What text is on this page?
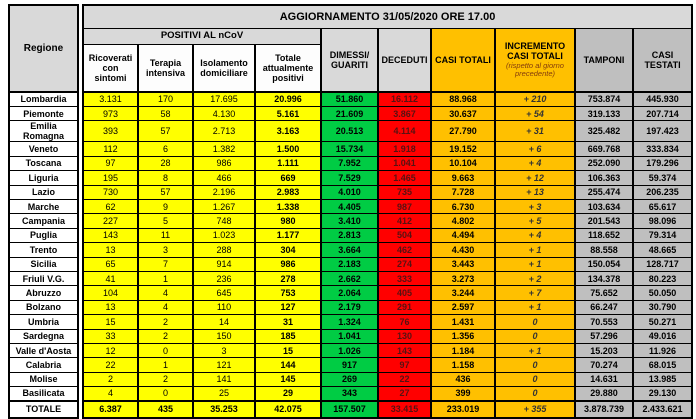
Regione		AGGIORNAMENTO 31/05/2020 ORE 17.00									
		POSITIVI AL nCoV				DIMESSI/ GUARITI	DECEDUTI	CASI TOTALI	INCREMENTO CASI TOTALI
(rispetto al giorno precedente)	TAMPONI	CASI TESTATI
		Ricoverati con sintomi	Terapia intensiva	Isolamento domiciliare	Totale attualmente positivi						
Lombardia		3.131	170	17.695	20.996	51.860	16.112	88.968	+ 210	753.874	445.930
Piemonte		973	58	4.130	5.161	21.609	3.867	30.637	+ 54	319.133	207.714
Emilia Romagna		393	57	2.713	3.163	20.513	4.114	27.790	+ 31	325.482	197.423
Veneto		112	6	1.382	1.500	15.734	1.918	19.152	+ 6	669.768	333.834
Toscana		97	28	986	1.111	7.952	1.041	10.104	+ 4	252.090	179.296
Liguria		195	8	466	669	7.529	1.465	9.663	+ 12	106.363	59.374
Lazio		730	57	2.196	2.983	4.010	735	7.728	+ 13	255.474	206.235
Marche		62	9	1.267	1.338	4.405	987	6.730	+ 3	103.634	65.617
Campania		227	5	748	980	3.410	412	4.802	+ 5	201.543	98.096
Puglia		143	11	1.023	1.177	2.813	504	4.494	+ 4	118.652	79.314
Trento		13	3	288	304	3.664	462	4.430	+ 1	88.558	48.665
Sicilia		65	7	914	986	2.183	274	3.443	+ 1	150.054	128.717
Friuli V.G.		41	1	236	278	2.662	333	3.273	+ 2	134.378	80.223
Abruzzo		104	4	645	753	2.064	405	3.244	+ 7	75.652	50.050
Bolzano		13	4	110	127	2.179	291	2.597	+ 1	66.247	30.790
Umbria		15	2	14	31	1.324	76	1.431	0	70.553	50.271
Sardegna		33	2	150	185	1.041	130	1.356	0	57.296	49.016
Valle d'Aosta		12	0	3	15	1.026	143	1.184	+ 1	15.203	11.926
Calabria		22	1	121	144	917	97	1.158	0	70.274	68.015
Molise		2	2	141	145	269	22	436	0	14.631	13.985
Basilicata		4	0	25	29	343	27	399	0	29.880	29.130
TOTALE		6.387	435	35.253	42.075	157.507	33.415	233.019	+ 355	3.878.739	2.433.621
